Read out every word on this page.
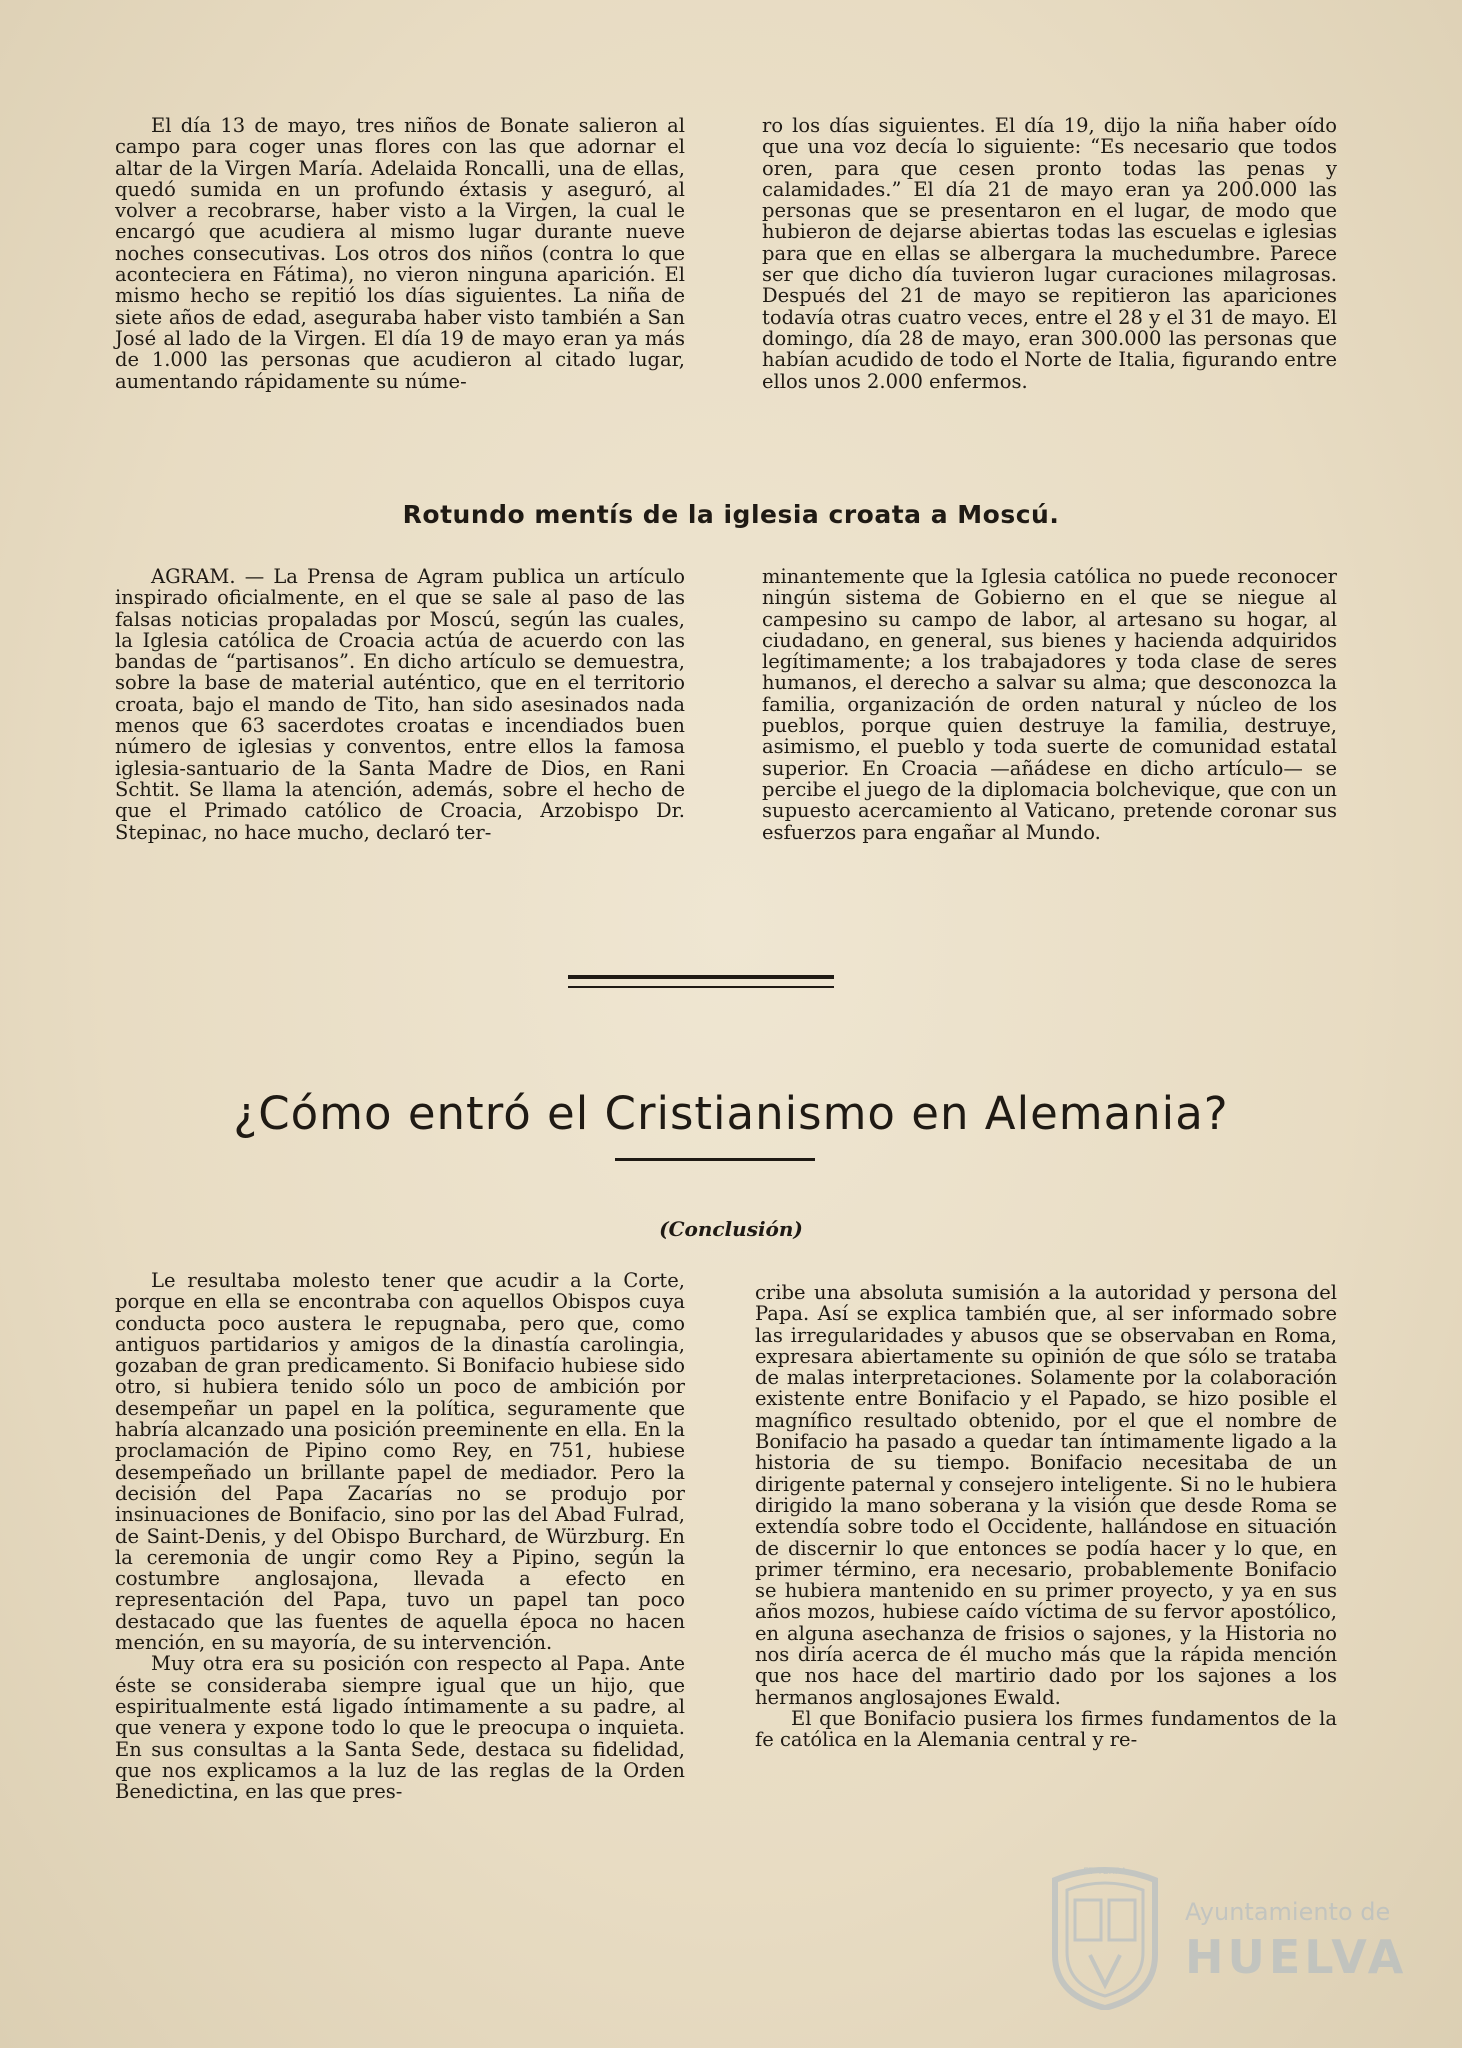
El día 13 de mayo, tres niños de Bonate salieron al campo para coger unas flores con las que adornar el altar de la Virgen María. Adelaida Roncalli, una de ellas, quedó sumida en un profundo éxtasis y aseguró, al volver a recobrarse, haber visto a la Virgen, la cual le encargó que acudiera al mismo lugar durante nueve noches consecutivas. Los otros dos niños (contra lo que aconteciera en Fátima), no vieron ninguna aparición. El mismo hecho se repitió los días siguientes. La niña de siete años de edad, aseguraba haber visto también a San José al lado de la Virgen. El día 19 de mayo eran ya más de 1.000 las personas que acudieron al citado lugar, aumentando rápidamente su núme-

ro los días siguientes. El día 19, dijo la niña haber oído que una voz decía lo siguiente: “Es necesario que todos oren, para que cesen pronto todas las penas y calamidades.” El día 21 de mayo eran ya 200.000 las personas que se presentaron en el lugar, de modo que hubieron de dejarse abiertas todas las escuelas e iglesias para que en ellas se albergara la muchedumbre. Parece ser que dicho día tuvieron lugar curaciones milagrosas. Después del 21 de mayo se repitieron las apariciones todavía otras cuatro veces, entre el 28 y el 31 de mayo. El domingo, día 28 de mayo, eran 300.000 las personas que habían acudido de todo el Norte de Italia, figurando entre ellos unos 2.000 enfermos.

Rotundo mentís de la iglesia croata a Moscú.

AGRAM. — La Prensa de Agram publica un artículo inspirado oficialmente, en el que se sale al paso de las falsas noticias propaladas por Moscú, según las cuales, la Iglesia católica de Croacia actúa de acuerdo con las bandas de “partisanos”. En dicho artículo se demuestra, sobre la base de material auténtico, que en el territorio croata, bajo el mando de Tito, han sido asesinados nada menos que 63 sacerdotes croatas e incendiados buen número de iglesias y conventos, entre ellos la famosa iglesia-santuario de la Santa Madre de Dios, en Rani Schtit. Se llama la atención, además, sobre el hecho de que el Primado católico de Croacia, Arzobispo Dr. Stepinac, no hace mucho, declaró ter-

minantemente que la Iglesia católica no puede reconocer ningún sistema de Gobierno en el que se niegue al campesino su campo de labor, al artesano su hogar, al ciudadano, en general, sus bienes y hacienda adquiridos legítimamente; a los trabajadores y toda clase de seres humanos, el derecho a salvar su alma; que desconozca la familia, organización de orden natural y núcleo de los pueblos, porque quien destruye la familia, destruye, asimismo, el pueblo y toda suerte de comunidad estatal superior. En Croacia —añádese en dicho artículo— se percibe el juego de la diplomacia bolchevique, que con un supuesto acercamiento al Vaticano, pretende coronar sus esfuerzos para engañar al Mundo.

¿Cómo entró el Cristianismo en Alemania?
(Conclusión)

Le resultaba molesto tener que acudir a la Corte, porque en ella se encontraba con aquellos Obispos cuya conducta poco austera le repugnaba, pero que, como antiguos partidarios y amigos de la dinastía carolingia, gozaban de gran predicamento. Si Bonifacio hubiese sido otro, si hubiera tenido sólo un poco de ambición por desempeñar un papel en la política, seguramente que habría alcanzado una posición preeminente en ella. En la proclamación de Pipino como Rey, en 751, hubiese desempeñado un brillante papel de mediador. Pero la decisión del Papa Zacarías no se produjo por insinuaciones de Bonifacio, sino por las del Abad Fulrad, de Saint-Denis, y del Obispo Burchard, de Würzburg. En la ceremonia de ungir como Rey a Pipino, según la costumbre anglosajona, llevada a efecto en representación del Papa, tuvo un papel tan poco destacado que las fuentes de aquella época no hacen mención, en su mayoría, de su intervención.

Muy otra era su posición con respecto al Papa. Ante éste se consideraba siempre igual que un hijo, que espiritualmente está ligado íntimamente a su padre, al que venera y expone todo lo que le preocupa o inquieta. En sus consultas a la Santa Sede, destaca su fidelidad, que nos explicamos a la luz de las reglas de la Orden Benedictina, en las que pres-

cribe una absoluta sumisión a la autoridad y persona del Papa. Así se explica también que, al ser informado sobre las irregularidades y abusos que se observaban en Roma, expresara abiertamente su opinión de que sólo se trataba de malas interpretaciones. Solamente por la colaboración existente entre Bonifacio y el Papado, se hizo posible el magnífico resultado obtenido, por el que el nombre de Bonifacio ha pasado a quedar tan íntimamente ligado a la historia de su tiempo. Bonifacio necesitaba de un dirigente paternal y consejero inteligente. Si no le hubiera dirigido la mano soberana y la visión que desde Roma se extendía sobre todo el Occidente, hallándose en situación de discernir lo que entonces se podía hacer y lo que, en primer término, era necesario, probablemente Bonifacio se hubiera mantenido en su primer proyecto, y ya en sus años mozos, hubiese caído víctima de su fervor apostólico, en alguna asechanza de frisios o sajones, y la Historia no nos diría acerca de él mucho más que la rápida mención que nos hace del martirio dado por los sajones a los hermanos anglosajones Ewald.

El que Bonifacio pusiera los firmes fundamentos de la fe católica en la Alemania central y re-

ET TERRA
Ayuntamiento de
HUELVA
